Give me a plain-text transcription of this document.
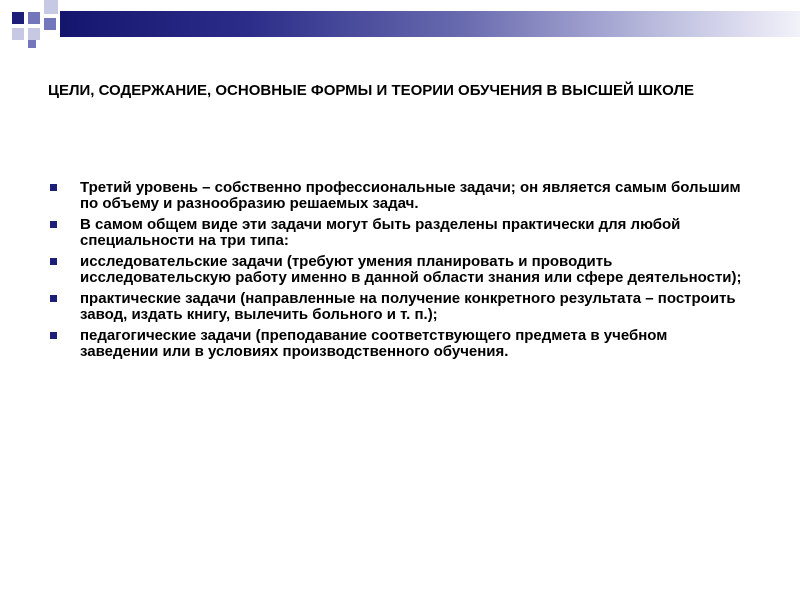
ЦЕЛИ, СОДЕРЖАНИЕ, ОСНОВНЫЕ ФОРМЫ И ТЕОРИИ ОБУЧЕНИЯ В ВЫСШЕЙ ШКОЛЕ
Третий уровень – собственно профессиональные задачи; он является самым большим по объему и разнообразию решаемых задач.
В самом общем виде эти задачи могут быть разделены практически для любой специальности на три типа:
исследовательские задачи (требуют умения планировать и проводить исследовательскую работу именно в данной области знания или сфере деятельности);
практические задачи (направленные на получение конкретного результата – построить завод, издать книгу, вылечить больного и т. п.);
педагогические задачи (преподавание соответствующего предмета в учебном заведении или в условиях производственного обучения.
